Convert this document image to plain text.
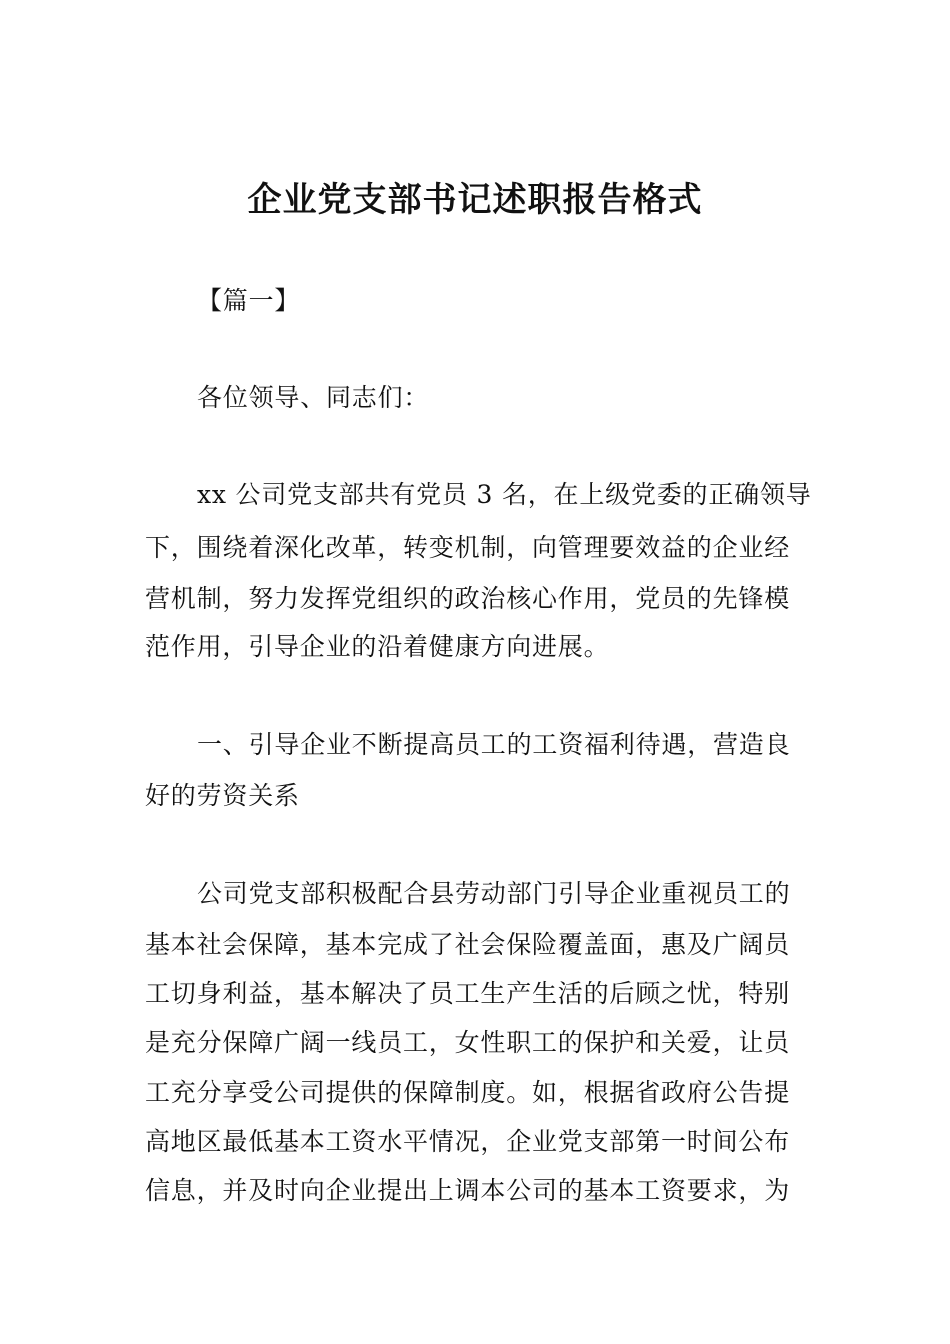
企业党支部书记述职报告格式

【篇一】

各位领导、同志们：

xx 公司党支部共有党员 3 名，在上级党委的正确领导

下，围绕着深化改革，转变机制，向管理要效益的企业经

营机制，努力发挥党组织的政治核心作用，党员的先锋模

范作用，引导企业的沿着健康方向进展。

一、引导企业不断提高员工的工资福利待遇，营造良

好的劳资关系

公司党支部积极配合县劳动部门引导企业重视员工的

基本社会保障，基本完成了社会保险覆盖面，惠及广阔员

工切身利益，基本解决了员工生产生活的后顾之忧，特别

是充分保障广阔一线员工，女性职工的保护和关爱，让员

工充分享受公司提供的保障制度。如，根据省政府公告提

高地区最低基本工资水平情况，企业党支部第一时间公布

信息，并及时向企业提出上调本公司的基本工资要求，为
